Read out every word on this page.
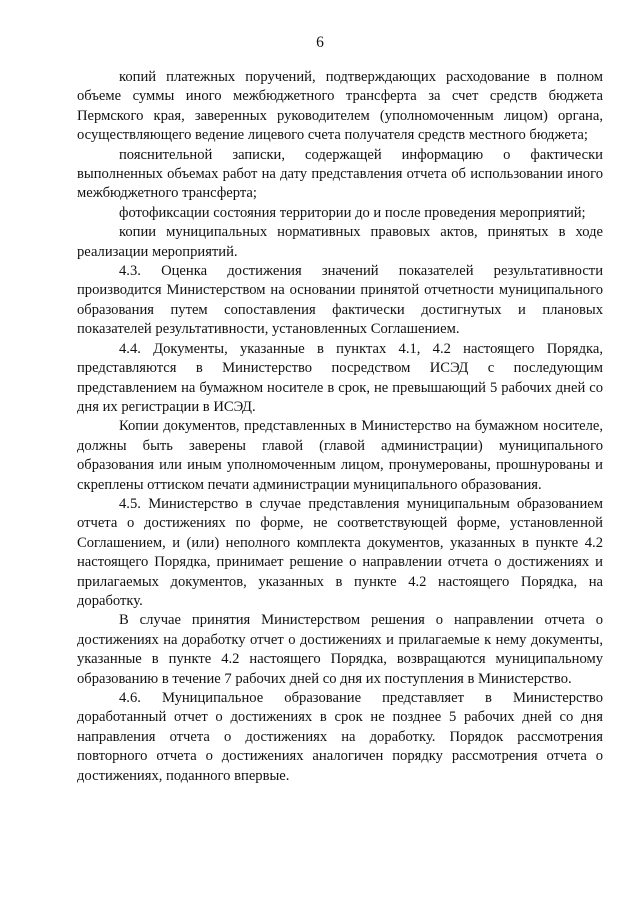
6

копий платежных поручений, подтверждающих расходование в полном объеме суммы иного межбюджетного трансферта за счет средств бюджета Пермского края, заверенных руководителем (уполномоченным лицом) органа, осуществляющего ведение лицевого счета получателя средств местного бюджета;

пояснительной записки, содержащей информацию о фактически выполненных объемах работ на дату представления отчета об использовании иного межбюджетного трансферта;

фотофиксации состояния территории до и после проведения мероприятий;

копии муниципальных нормативных правовых актов, принятых в ходе реализации мероприятий.

4.3. Оценка достижения значений показателей результативности производится Министерством на основании принятой отчетности муниципального образования путем сопоставления фактически достигнутых и плановых показателей результативности, установленных Соглашением.

4.4. Документы, указанные в пунктах 4.1, 4.2 настоящего Порядка, представляются в Министерство посредством ИСЭД с последующим представлением на бумажном носителе в срок, не превышающий 5 рабочих дней со дня их регистрации в ИСЭД.

Копии документов, представленных в Министерство на бумажном носителе, должны быть заверены главой (главой администрации) муниципального образования или иным уполномоченным лицом, пронумерованы, прошнурованы и скреплены оттиском печати администрации муниципального образования.

4.5. Министерство в случае представления муниципальным образованием отчета о достижениях по форме, не соответствующей форме, установленной Соглашением, и (или) неполного комплекта документов, указанных в пункте 4.2 настоящего Порядка, принимает решение о направлении отчета о достижениях и прилагаемых документов, указанных в пункте 4.2 настоящего Порядка, на доработку.

В случае принятия Министерством решения о направлении отчета о достижениях на доработку отчет о достижениях и прилагаемые к нему документы, указанные в пункте 4.2 настоящего Порядка, возвращаются муниципальному образованию в течение 7 рабочих дней со дня их поступления в Министерство.

4.6. Муниципальное образование представляет в Министерство доработанный отчет о достижениях в срок не позднее 5 рабочих дней со дня направления отчета о достижениях на доработку. Порядок рассмотрения повторного отчета о достижениях аналогичен порядку рассмотрения отчета о достижениях, поданного впервые.
